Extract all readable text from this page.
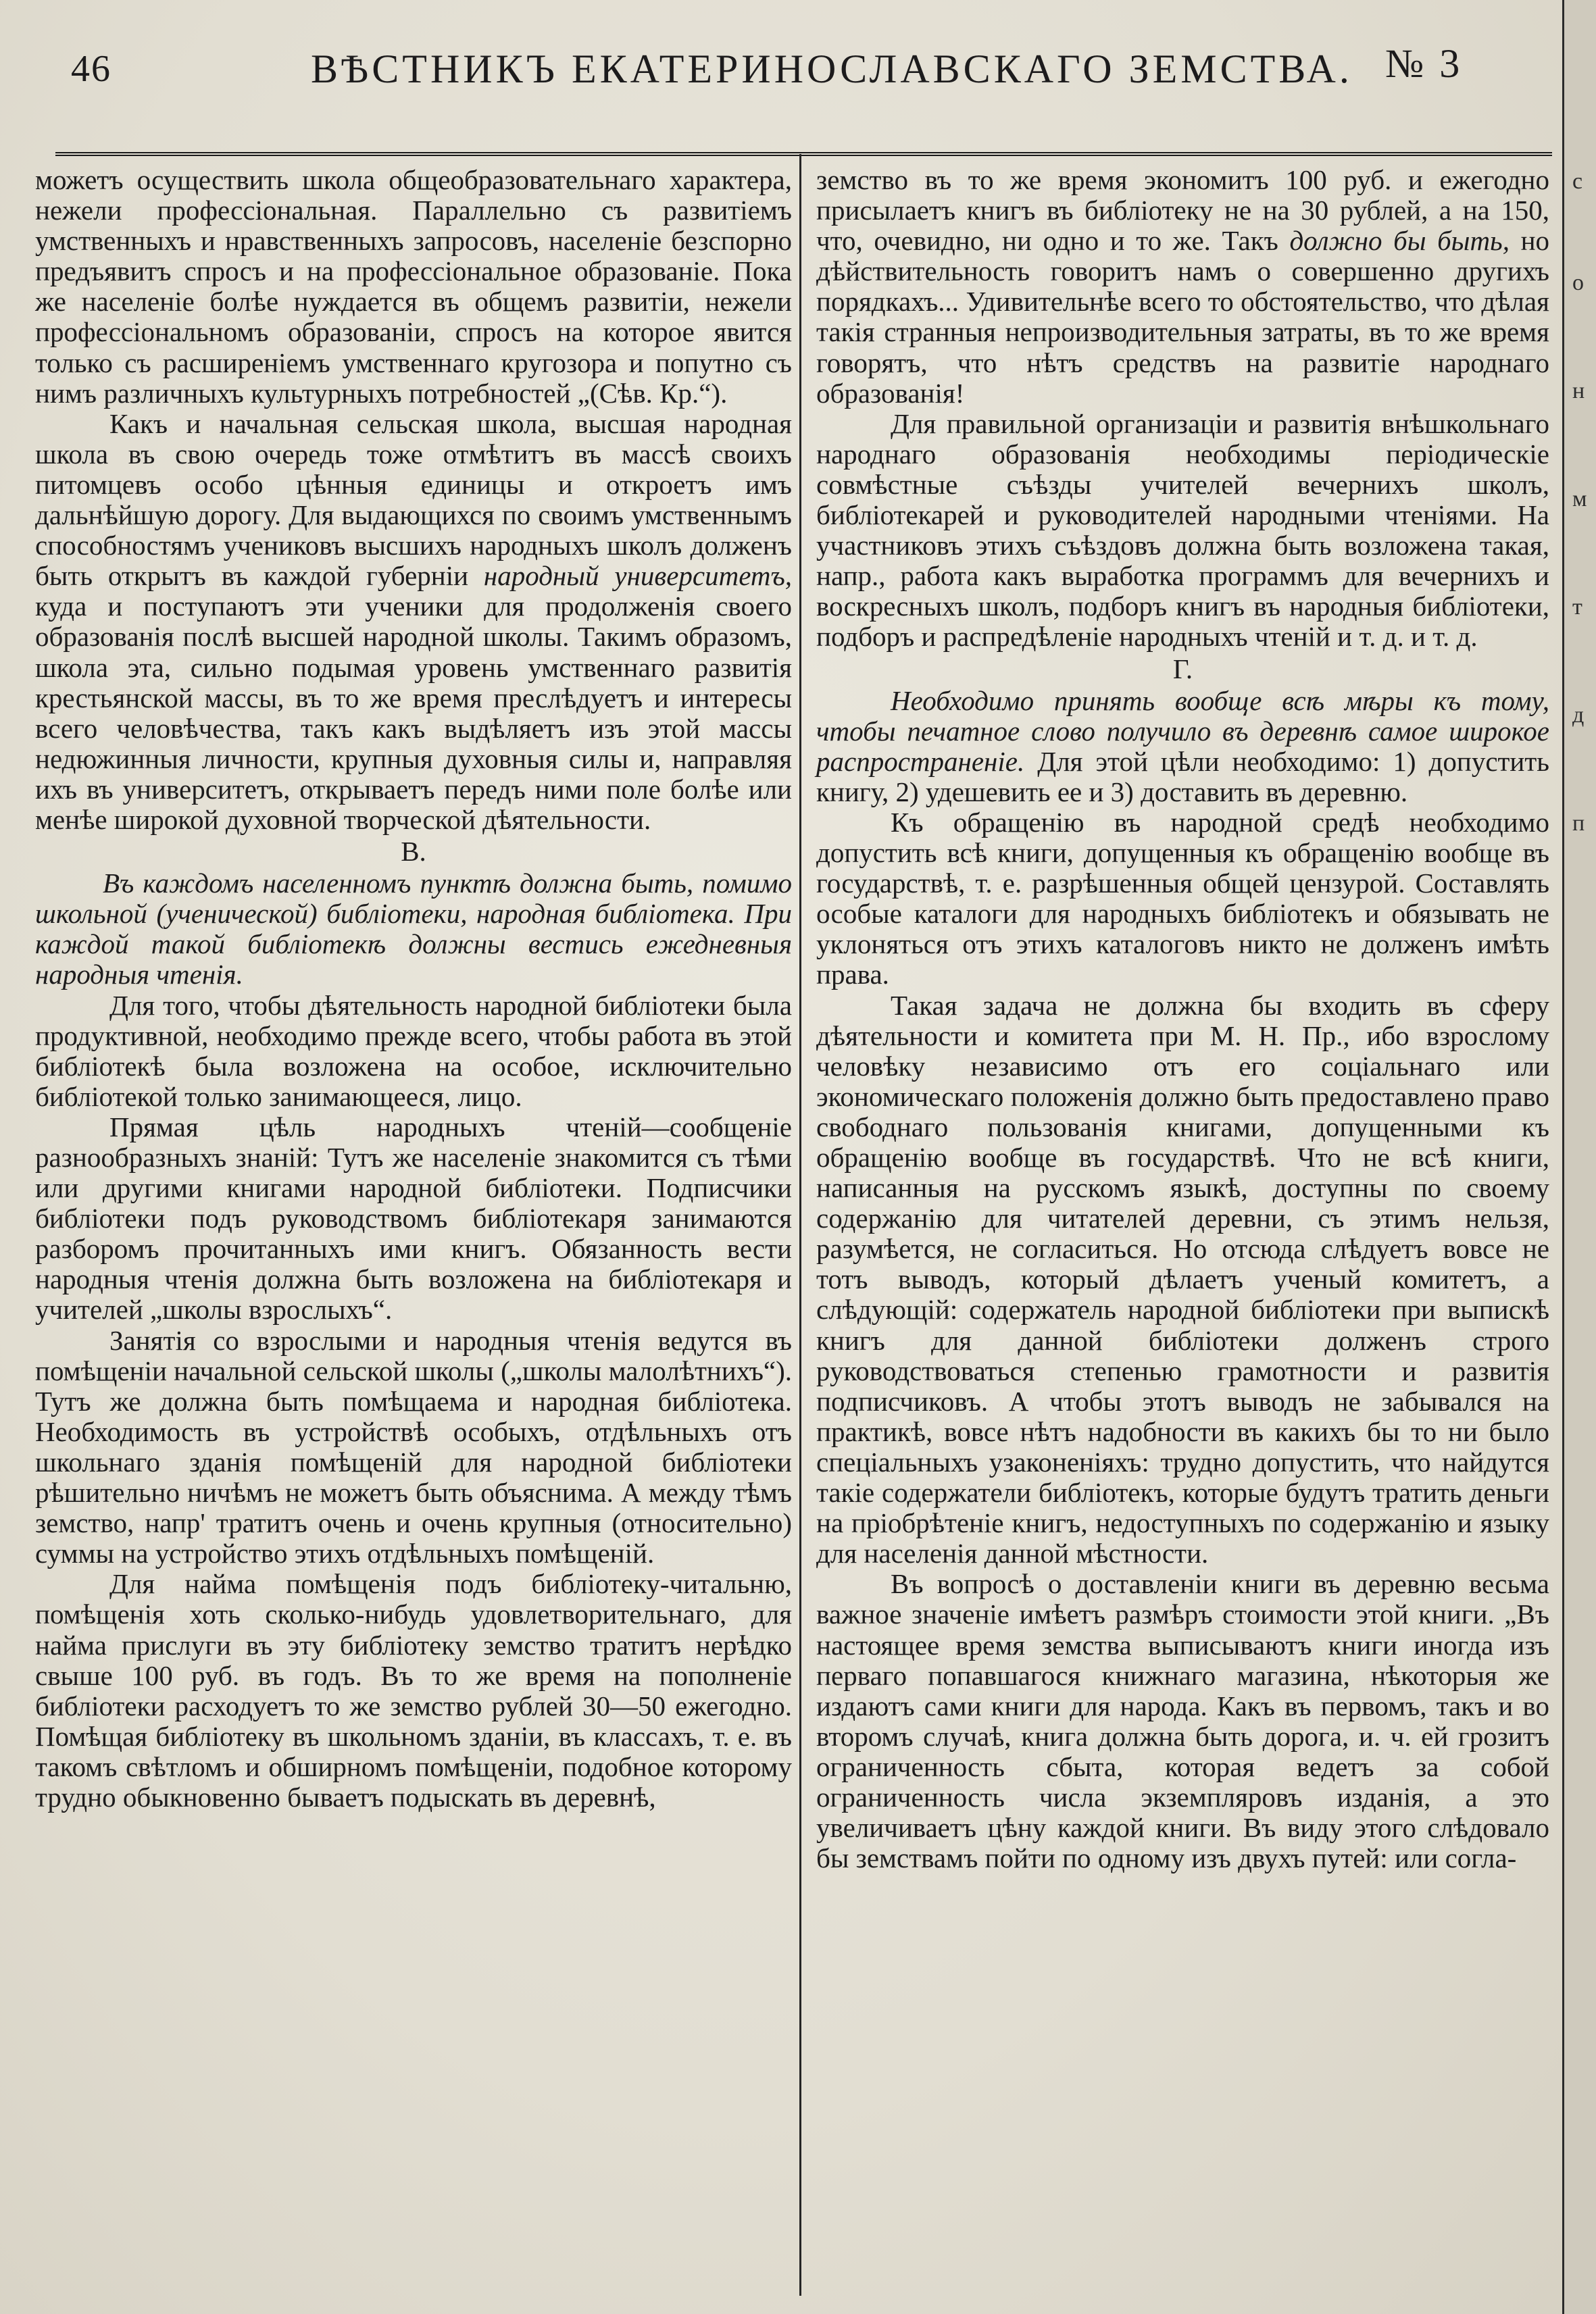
46	ВѢСТНИКЪ ЕКАТЕРИНОСЛАВСКАГО ЗЕМСТВА. № 3

можетъ осуществить школа общеобразовательнаго характера, нежели профессіональная. Параллельно съ развитіемъ умственныхъ и нравственныхъ запросовъ, населеніе безспорно предъявитъ спросъ и на профессіональное образованіе. Пока же населеніе болѣе нуждается въ общемъ развитіи, нежели профессіональномъ образованіи, спросъ на которое явится только съ расширеніемъ умственнаго кругозора и попутно съ нимъ различныхъ культурныхъ потребностей „(Сѣв. Кр.“).

Какъ и начальная сельская школа, высшая народная школа въ свою очередь тоже отмѣтитъ въ массѣ своихъ питомцевъ особо цѣнныя единицы и откроетъ имъ дальнѣйшую дорогу. Для выдающихся по своимъ умственнымъ способностямъ учениковъ высшихъ народныхъ школъ долженъ быть открытъ въ каждой губерніи народный университетъ, куда и поступаютъ эти ученики для продолженія своего образованія послѣ высшей народной школы. Такимъ образомъ, школа эта, сильно подымая уровень умственнаго развитія крестьянской массы, въ то же время преслѣдуетъ и интересы всего человѣчества, такъ какъ выдѣляетъ изъ этой массы недюжинныя личности, крупныя духовныя силы и, направляя ихъ въ университетъ, открываетъ передъ ними поле болѣе или менѣе широкой духовной творческой дѣятельности.

В.

Въ каждомъ населенномъ пунктѣ должна быть, помимо школьной (ученической) библіотеки, народная библіотека. При каждой такой библіотекѣ должны вестись ежедневныя народныя чтенія.

Для того, чтобы дѣятельность народной библіотеки была продуктивной, необходимо прежде всего, чтобы работа въ этой библіотекѣ была возложена на особое, исключительно библіотекой только занимающееся, лицо.

Прямая цѣль народныхъ чтеній—сообщеніе разнообразныхъ знаній: Тутъ же населеніе знакомится съ тѣми или другими книгами народной библіотеки. Подписчики библіотеки подъ руководствомъ библіотекаря занимаются разборомъ прочитанныхъ ими книгъ. Обязанность вести народныя чтенія должна быть возложена на библіотекаря и учителей „школы взрослыхъ“.

Занятія со взрослыми и народныя чтенія ведутся въ помѣщеніи начальной сельской школы („школы малолѣтнихъ“). Тутъ же должна быть помѣщаема и народная библіотека. Необходимость въ устройствѣ особыхъ, отдѣльныхъ отъ школьнаго зданія помѣщеній для народной библіотеки рѣшительно ничѣмъ не можетъ быть объяснима. А между тѣмъ земство, напр' тратитъ очень и очень крупныя (относительно) суммы на устройство этихъ отдѣльныхъ помѣщеній.

Для найма помѣщенія подъ библіотеку-читальню, помѣщенія хоть сколько-нибудь удовлетворительнаго, для найма прислуги въ эту библіотеку земство тратитъ нерѣдко свыше 100 руб. въ годъ. Въ то же время на пополненіе библіотеки расходуетъ то же земство рублей 30—50 ежегодно. Помѣщая библіотеку въ школьномъ зданіи, въ классахъ, т. е. въ такомъ свѣтломъ и обширномъ помѣщеніи, подобное которому трудно обыкновенно бываетъ подыскать въ деревнѣ,

земство въ то же время экономитъ 100 руб. и ежегодно присылаетъ книгъ въ библіотеку не на 30 рублей, а на 150, что, очевидно, ни одно и то же. Такъ должно бы быть, но дѣйствительность говоритъ намъ о совершенно другихъ порядкахъ... Удивительнѣе всего то обстоятельство, что дѣлая такія странныя непроизводительныя затраты, въ то же время говорятъ, что нѣтъ средствъ на развитіе народнаго образованія!

Для правильной организаціи и развитія внѣшкольнаго народнаго образованія необходимы періодическіе совмѣстные съѣзды учителей вечернихъ школъ, библіотекарей и руководителей народными чтеніями. На участниковъ этихъ съѣздовъ должна быть возложена такая, напр., работа какъ выработка программъ для вечернихъ и воскресныхъ школъ, подборъ книгъ въ народныя библіотеки, подборъ и распредѣленіе народныхъ чтеній и т. д. и т. д.

Г.

Необходимо принять вообще всѣ мѣры къ тому, чтобы печатное слово получило въ деревнѣ самое широкое распространеніе. Для этой цѣли необходимо: 1) допустить книгу, 2) удешевить ее и 3) доставить въ деревню.

Къ обращенію въ народной средѣ необходимо допустить всѣ книги, допущенныя къ обращенію вообще въ государствѣ, т. е. разрѣшенныя общей цензурой. Составлять особые каталоги для народныхъ библіотекъ и обязывать не уклоняться отъ этихъ каталоговъ никто не долженъ имѣть права.

Такая задача не должна бы входить въ сферу дѣятельности и комитета при М. Н. Пр., ибо взрослому человѣку независимо отъ его соціальнаго или экономическаго положенія должно быть предоставлено право свободнаго пользованія книгами, допущенными къ обращенію вообще въ государствѣ. Что не всѣ книги, написанныя на русскомъ языкѣ, доступны по своему содержанію для читателей деревни, съ этимъ нельзя, разумѣется, не согласиться. Но отсюда слѣдуетъ вовсе не тотъ выводъ, который дѣлаетъ ученый комитетъ, а слѣдующій: содержатель народной библіотеки при выпискѣ книгъ для данной библіотеки долженъ строго руководствоваться степенью грамотности и развитія подписчиковъ. А чтобы этотъ выводъ не забывался на практикѣ, вовсе нѣтъ надобности въ какихъ бы то ни было спеціальныхъ узаконеніяхъ: трудно допустить, что найдутся такіе содержатели библіотекъ, которые будутъ тратить деньги на пріобрѣтеніе книгъ, недоступныхъ по содержанію и языку для населенія данной мѣстности.

Въ вопросѣ о доставленіи книги въ деревню весьма важное значеніе имѣетъ размѣръ стоимости этой книги. „Въ настоящее время земства выписываютъ книги иногда изъ перваго попавшагося книжнаго магазина, нѣкоторыя же издаютъ сами книги для народа. Какъ въ первомъ, такъ и во второмъ случаѣ, книга должна быть дорога, и. ч. ей грозитъ ограниченность сбыта, которая ведетъ за собой ограниченность числа экземпляровъ изданія, а это увеличиваетъ цѣну каждой книги. Въ виду этого слѣдовало бы земствамъ пойти по одному изъ двухъ путей: или согла-

с
о
н
м
т
д
п
